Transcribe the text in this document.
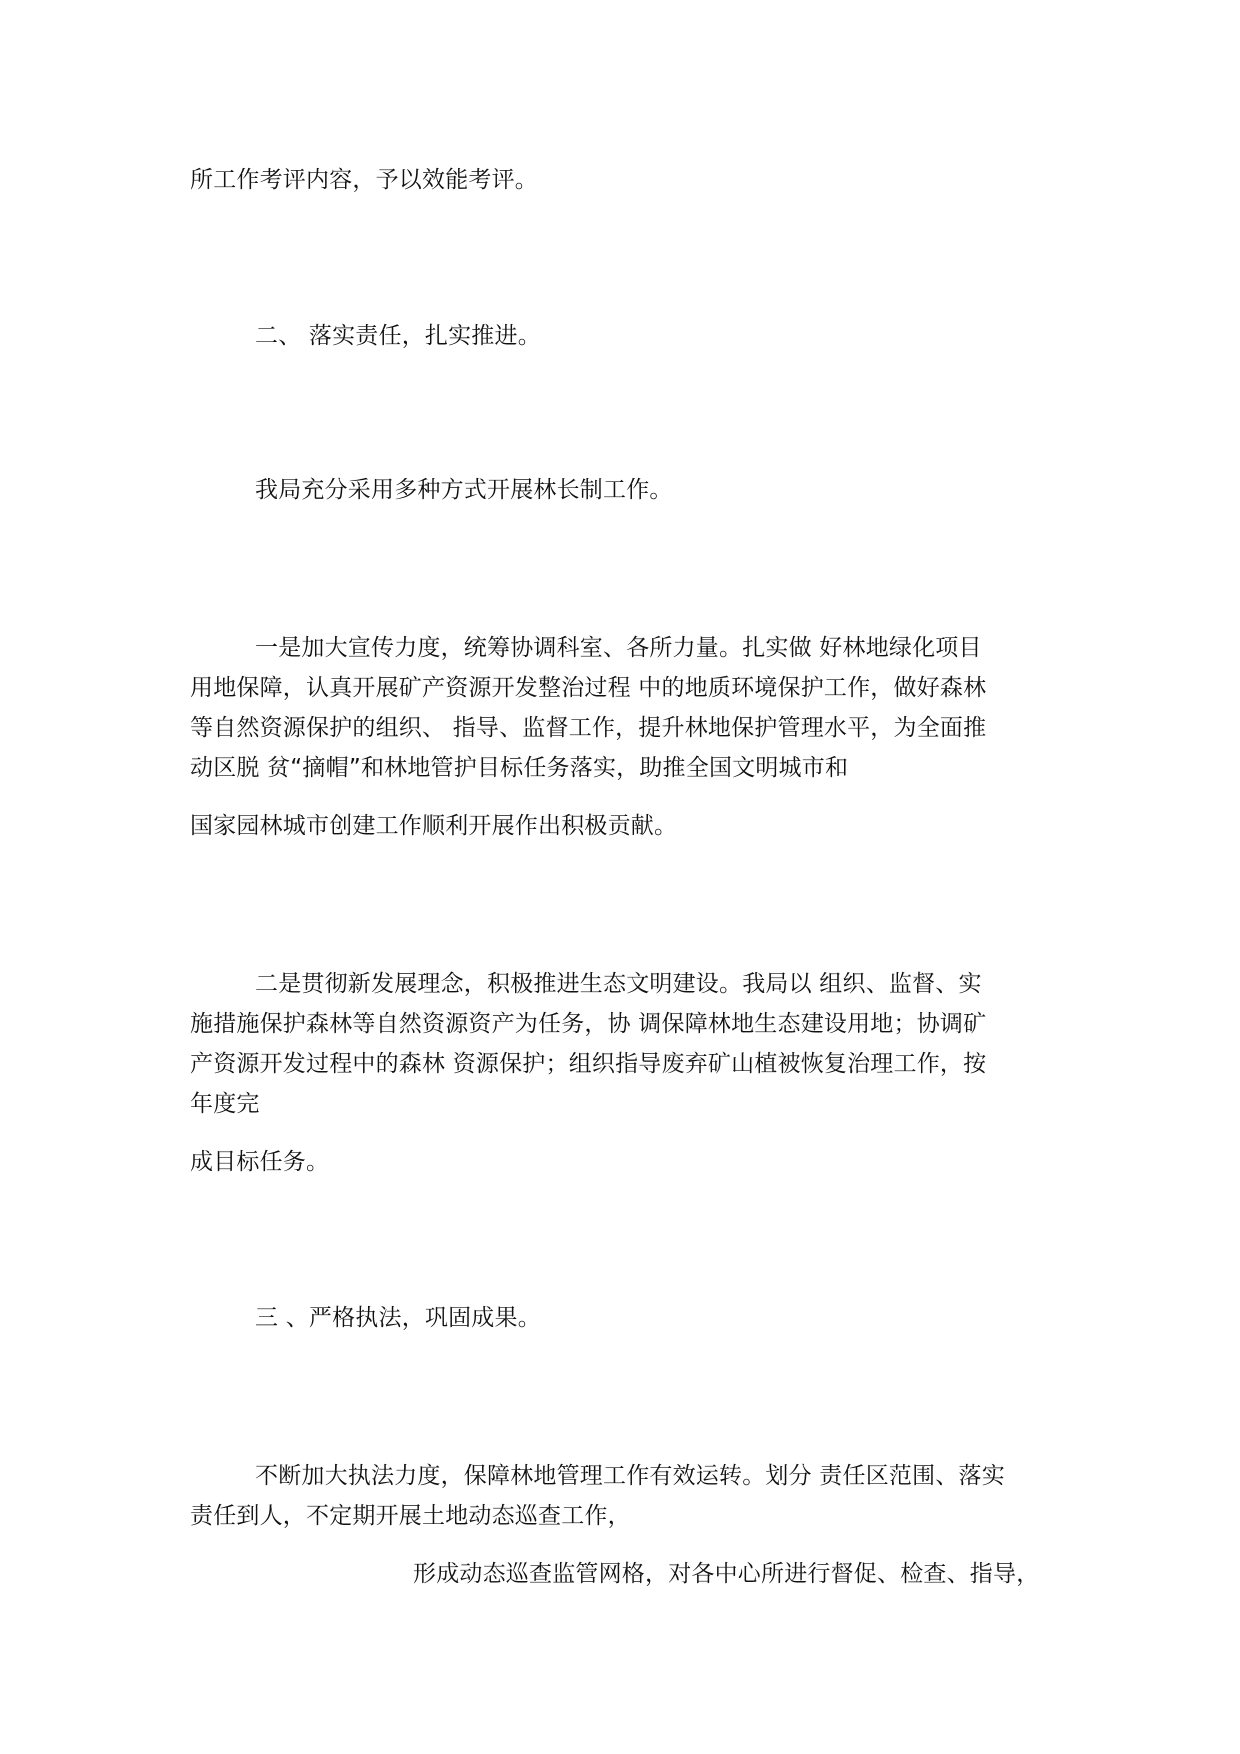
所工作考评内容，予以效能考评。
二、 落实责任，扎实推进。
我局充分采用多种方式开展林长制工作。
一是加大宣传力度，统筹协调科室、各所力量。扎实做 好林地绿化项目
用地保障，认真开展矿产资源开发整治过程 中的地质环境保护工作，做好森林
等自然资源保护的组织、 指导、监督工作，提升林地保护管理水平，为全面推
动区脱 贫“摘帽”和林地管护目标任务落实，助推全国文明城市和
国家园林城市创建工作顺利开展作出积极贡献。
二是贯彻新发展理念，积极推进生态文明建设。我局以 组织、监督、实
施措施保护森林等自然资源资产为任务，协 调保障林地生态建设用地；协调矿
产资源开发过程中的森林 资源保护；组织指导废弃矿山植被恢复治理工作，按
年度完
成目标任务。
三 、严格执法，巩固成果。
不断加大执法力度，保障林地管理工作有效运转。划分 责任区范围、落实
责任到人，不定期开展土地动态巡查工作，
形成动态巡查监管网格，对各中心所进行督促、检查、指导，
